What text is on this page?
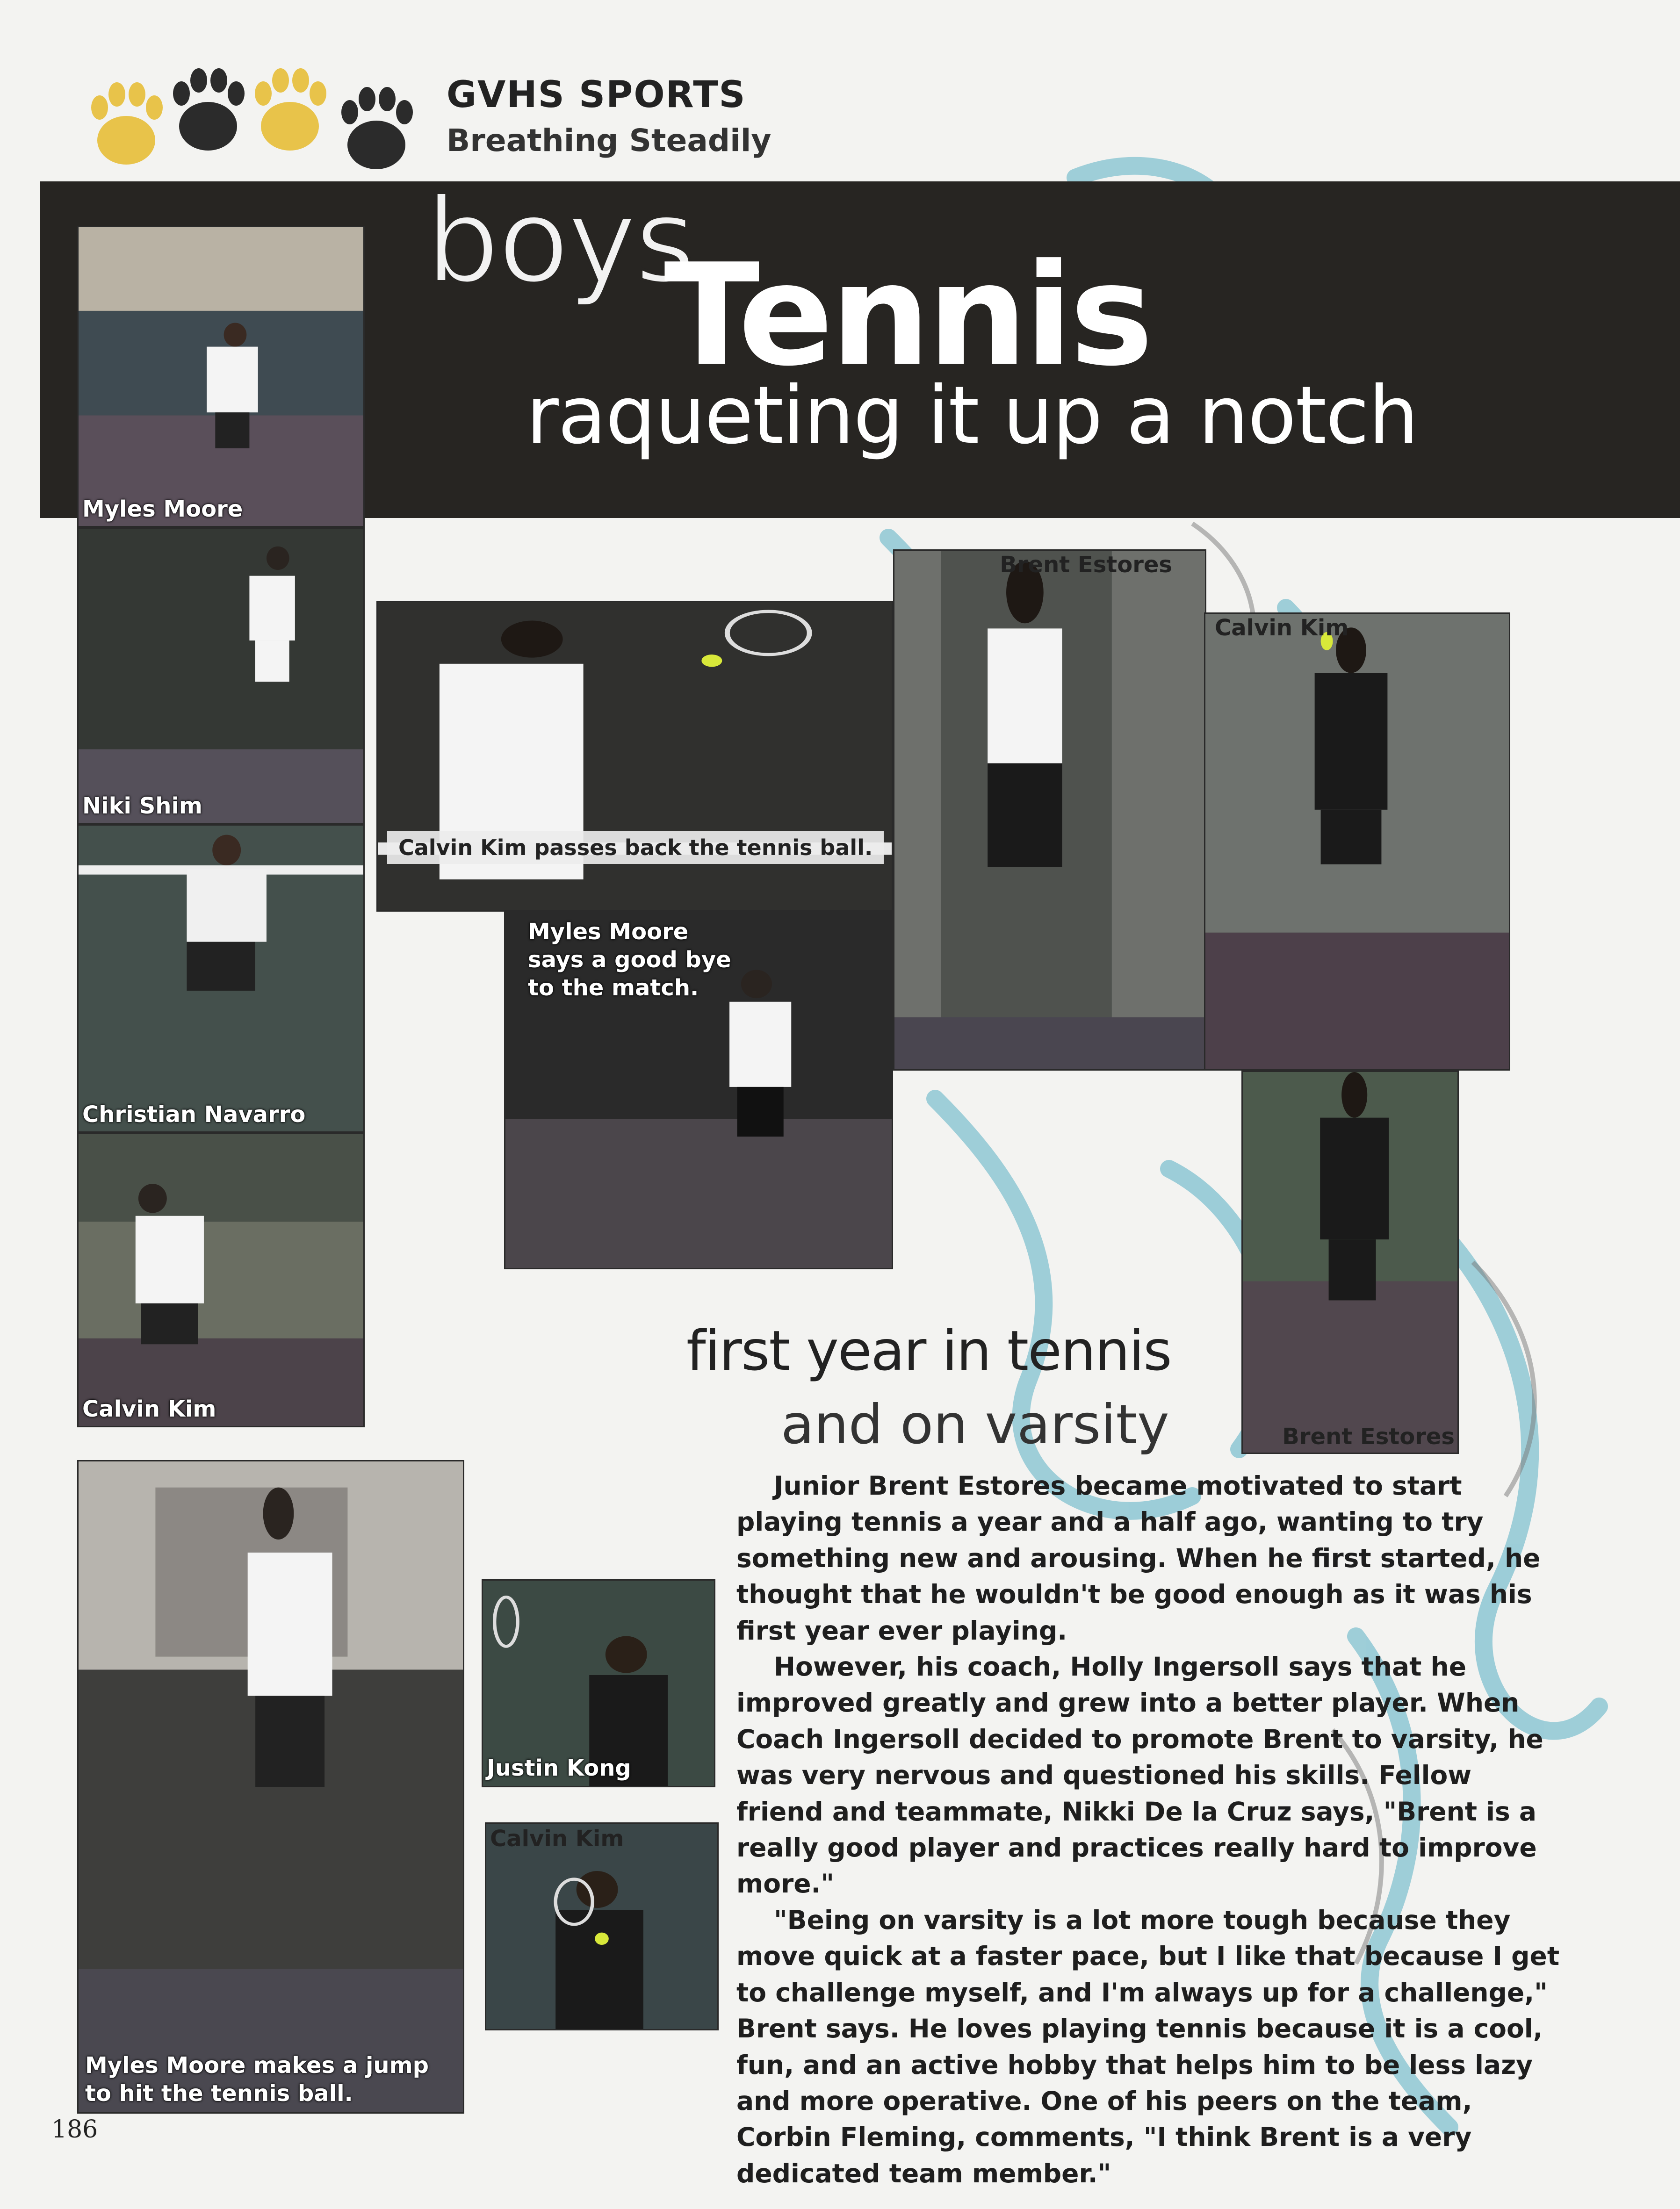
GVHS SPORTS
Breathing Steadily
boys
Tennis
raqueting it up a notch
Myles Moore
Niki Shim
Christian Navarro
Calvin Kim
Myles Moore makes a jump to hit the tennis ball.
Calvin Kim passes back the tennis ball.
Myles Moore says a good bye to the match.
Brent Estores
Calvin Kim
Brent Estores
Justin Kong
Calvin Kim
first year in tennis
and on varsity

Junior Brent Estores became motivated to start playing tennis a year and a half ago, wanting to try something new and arousing. When he first started, he thought that he wouldn't be good enough as it was his first year ever playing.

However, his coach, Holly Ingersoll says that he improved greatly and grew into a better player. When Coach Ingersoll decided to promote Brent to varsity, he was very nervous and questioned his skills. Fellow friend and teammate, Nikki De la Cruz says, "Brent is a really good player and practices really hard to improve more."

"Being on varsity is a lot more tough because they move quick at a faster pace, but I like that because I get to challenge myself, and I'm always up for a challenge," Brent says. He loves playing tennis because it is a cool, fun, and an active hobby that helps him to be less lazy and more operative. One of his peers on the team, Corbin Fleming, comments, "I think Brent is a very dedicated team member."

186
